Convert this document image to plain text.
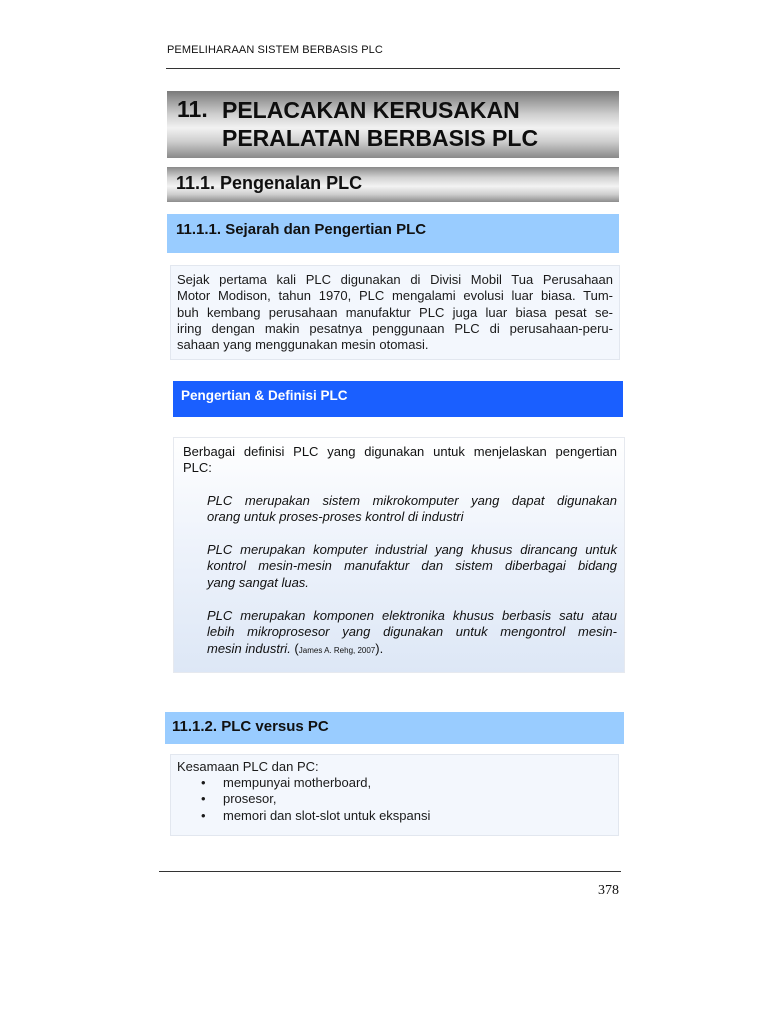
PEMELIHARAAN SISTEM BERBASIS PLC
11. PELACAKAN KERUSAKAN
PERALATAN BERBASIS PLC
11.1. Pengenalan PLC
11.1.1. Sejarah dan Pengertian PLC
Sejak pertama kali PLC digunakan di Divisi Mobil Tua Perusahaan
Motor Modison, tahun 1970, PLC mengalami evolusi luar biasa. Tum-
buh kembang perusahaan manufaktur PLC juga luar biasa pesat se-
iring dengan makin pesatnya penggunaan PLC di perusahaan-peru-
sahaan yang menggunakan mesin otomasi.
Pengertian & Definisi PLC
Berbagai definisi PLC yang digunakan untuk menjelaskan pengertian
PLC:
PLC merupakan sistem mikrokomputer yang dapat digunakan
orang untuk proses-proses kontrol di industri
PLC merupakan komputer industrial yang khusus dirancang untuk
kontrol mesin-mesin manufaktur dan sistem diberbagai bidang
yang sangat luas.
PLC merupakan komponen elektronika khusus berbasis satu atau
lebih mikroprosesor yang digunakan untuk mengontrol mesin-
mesin industri. (James A. Rehg, 2007).
11.1.2. PLC versus PC
Kesamaan PLC dan PC:
• mempunyai motherboard,
• prosesor,
• memori dan slot-slot untuk ekspansi
378
